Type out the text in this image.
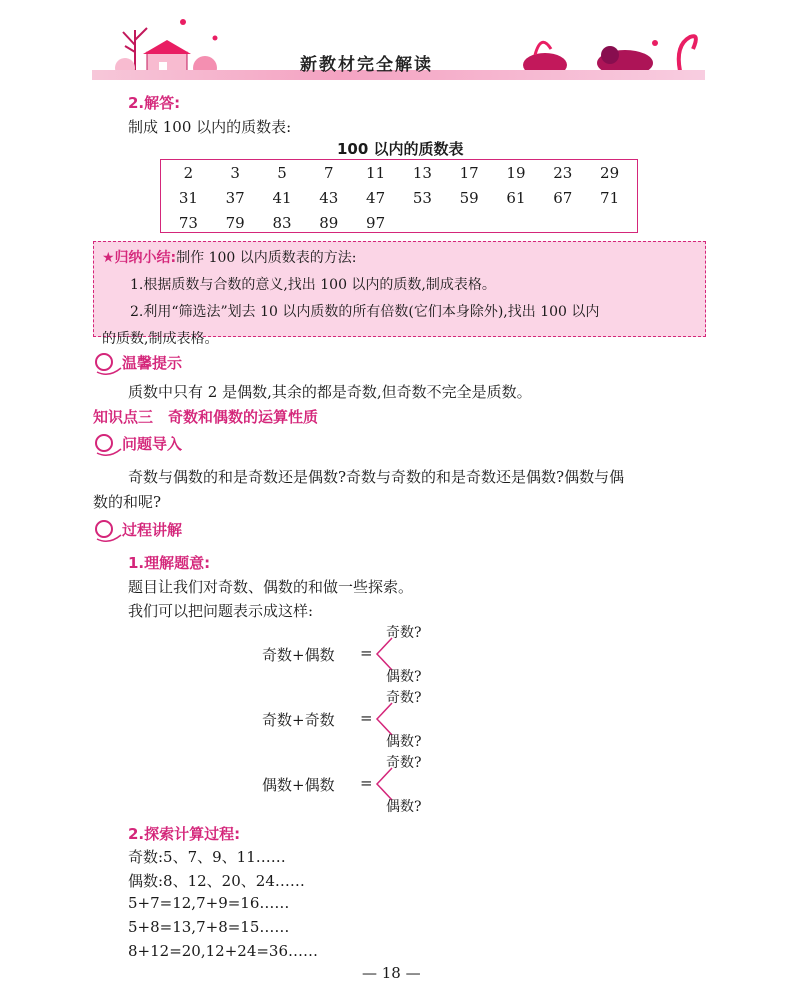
新教材完全解读
2.解答:
制成 100 以内的质数表:
100 以内的质数表
2	3	5	7	11	13	17	19	23	29
31	37	41	43	47	53	59	61	67	71
73	79	83	89	97					
★归纳小结:制作 100 以内质数表的方法:
1.根据质数与合数的意义,找出 100 以内的质数,制成表格。
2.利用“筛选法”划去 10 以内质数的所有倍数(它们本身除外),找出 100 以内
的质数,制成表格。
温馨提示
质数中只有 2 是偶数,其余的都是奇数,但奇数不完全是质数。
知识点三　奇数和偶数的运算性质
问题导入
奇数与偶数的和是奇数还是偶数?奇数与奇数的和是奇数还是偶数?偶数与偶
数的和呢?
过程讲解
1.理解题意:
题目让我们对奇数、偶数的和做一些探索。
我们可以把问题表示成这样:
奇数+偶数 =
奇数?
偶数?
奇数+奇数 =
奇数?
偶数?
偶数+偶数 =
奇数?
偶数?
2.探索计算过程:
奇数:5、7、9、11……
偶数:8、12、20、24……
5+7=12,7+9=16……
5+8=13,7+8=15……
8+12=20,12+24=36……
— 18 —
